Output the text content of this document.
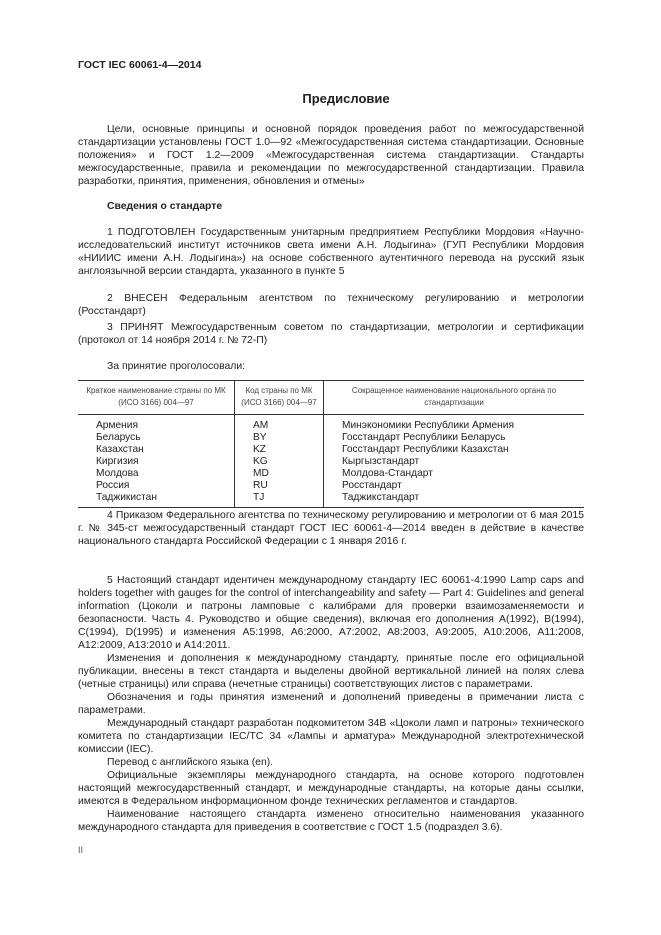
ГОСТ IEC 60061-4—2014
Предисловие

Цели, основные принципы и основной порядок проведения работ по межгосударственной стандартизации установлены ГОСТ 1.0—92 «Межгосударственная система стандартизации. Основные положения» и ГОСТ 1.2—2009 «Межгосударственная система стандартизации. Стандарты межгосударственные, правила и рекомендации по межгосударственной стандартизации. Правила разработки, принятия, применения, обновления и отмены»

Сведения о стандарте

1 ПОДГОТОВЛЕН Государственным унитарным предприятием Республики Мордовия «Научно-исследовательский институт источников света имени А.Н. Лодыгина» (ГУП Республики Мордовия «НИИИС имени А.Н. Лодыгина») на основе собственного аутентичного перевода на русский язык англоязычной версии стандарта, указанного в пункте 5

2 ВНЕСЕН Федеральным агентством по техническому регулированию и метрологии (Росстандарт)

3 ПРИНЯТ Межгосударственным советом по стандартизации, метрологии и сертификации (протокол от 14 ноября 2014 г. № 72-П)

За принятие проголосовали:

Краткое наименование страны по МК (ИСО 3166) 004—97	Код страны по МК (ИСО 3166) 004—97	Сокращенное наименование национального органа по стандартизации
Армения	AM	Минэкономики Республики Армения
Беларусь	BY	Госстандарт Республики Беларусь
Казахстан	KZ	Госстандарт Республики Казахстан
Киргизия	KG	Кыргызстандарт
Молдова	MD	Молдова-Стандарт
Россия	RU	Росстандарт
Таджикистан	TJ	Таджикстандарт

4 Приказом Федерального агентства по техническому регулированию и метрологии от 6 мая 2015 г. № 345-ст межгосударственный стандарт ГОСТ IEC 60061-4—2014 введен в действие в качестве национального стандарта Российской Федерации с 1 января 2016 г.

5 Настоящий стандарт идентичен международному стандарту IEC 60061-4:1990 Lamp caps and holders together with gauges for the control of interchangeability and safety — Part 4: Guidelines and general information (Цоколи и патроны ламповые с калибрами для проверки взаимозаменяемости и безопасности. Часть 4. Руководство и общие сведения), включая его дополнения A(1992), B(1994), C(1994), D(1995) и изменения A5:1998, A6:2000, A7:2002, A8:2003, A9:2005, A10:2006, A11:2008, A12:2009, A13:2010 и A14:2011.

Изменения и дополнения к международному стандарту, принятые после его официальной публикации, внесены в текст стандарта и выделены двойной вертикальной линией на полях слева (четные страницы) или справа (нечетные страницы) соответствующих листов с параметрами.

Обозначения и годы принятия изменений и дополнений приведены в примечании листа с параметрами.

Международный стандарт разработан подкомитетом 34B «Цоколи ламп и патроны» технического комитета по стандартизации IEC/TC 34 «Лампы и арматура» Международной электротехнической комиссии (IEC).

Перевод с английского языка (en).

Официальные экземпляры международного стандарта, на основе которого подготовлен настоящий межгосударственный стандарт, и международные стандарты, на которые даны ссылки, имеются в Федеральном информационном фонде технических регламентов и стандартов.

Наименование настоящего стандарта изменено относительно наименования указанного международного стандарта для приведения в соответствие с ГОСТ 1.5 (подраздел 3.6).

II
